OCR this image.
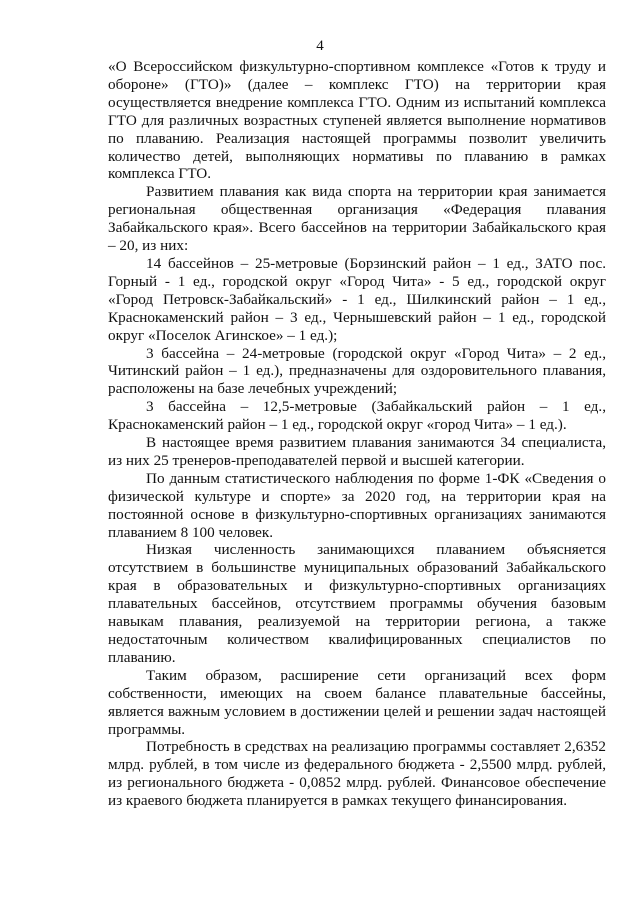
4

«О Всероссийском физкультурно-спортивном комплексе «Готов к труду и обороне» (ГТО)» (далее – комплекс ГТО) на территории края осуществляется внедрение комплекса ГТО. Одним из испытаний комплекса ГТО для различных возрастных ступеней является выполнение нормативов по плаванию. Реализация настоящей программы позволит увеличить количество детей, выполняющих нормативы по плаванию в рамках комплекса ГТО.

Развитием плавания как вида спорта на территории края занимается региональная общественная организация «Федерация плавания Забайкальского края». Всего бассейнов на территории Забайкальского края – 20, из них:

14 бассейнов – 25-метровые (Борзинский район – 1 ед., ЗАТО пос. Горный - 1 ед., городской округ «Город Чита» - 5 ед., городской округ «Город Петровск-Забайкальский» - 1 ед., Шилкинский район – 1 ед., Краснокаменский район – 3 ед., Чернышевский район – 1 ед., городской округ «Поселок Агинское» – 1 ед.);

3 бассейна – 24-метровые (городской округ «Город Чита» – 2 ед., Читинский район – 1 ед.), предназначены для оздоровительного плавания, расположены на базе лечебных учреждений;

3 бассейна – 12,5-метровые (Забайкальский район – 1 ед., Краснокаменский район – 1 ед., городской округ «город Чита» – 1 ед.).

В настоящее время развитием плавания занимаются 34 специалиста, из них 25 тренеров-преподавателей первой и высшей категории.

По данным статистического наблюдения по форме 1-ФК «Сведения о физической культуре и спорте» за 2020 год, на территории края на постоянной основе в физкультурно-спортивных организациях занимаются плаванием 8 100 человек.

Низкая численность занимающихся плаванием объясняется отсутствием в большинстве муниципальных образований Забайкальского края в образовательных и физкультурно-спортивных организациях плавательных бассейнов, отсутствием программы обучения базовым навыкам плавания, реализуемой на территории региона, а также недостаточным количеством квалифицированных специалистов по плаванию.

Таким образом, расширение сети организаций всех форм собственности, имеющих на своем балансе плавательные бассейны, является важным условием в достижении целей и решении задач настоящей программы.

Потребность в средствах на реализацию программы составляет 2,6352 млрд. рублей, в том числе из федерального бюджета - 2,5500 млрд. рублей, из регионального бюджета - 0,0852 млрд. рублей. Финансовое обеспечение из краевого бюджета планируется в рамках текущего финансирования.
